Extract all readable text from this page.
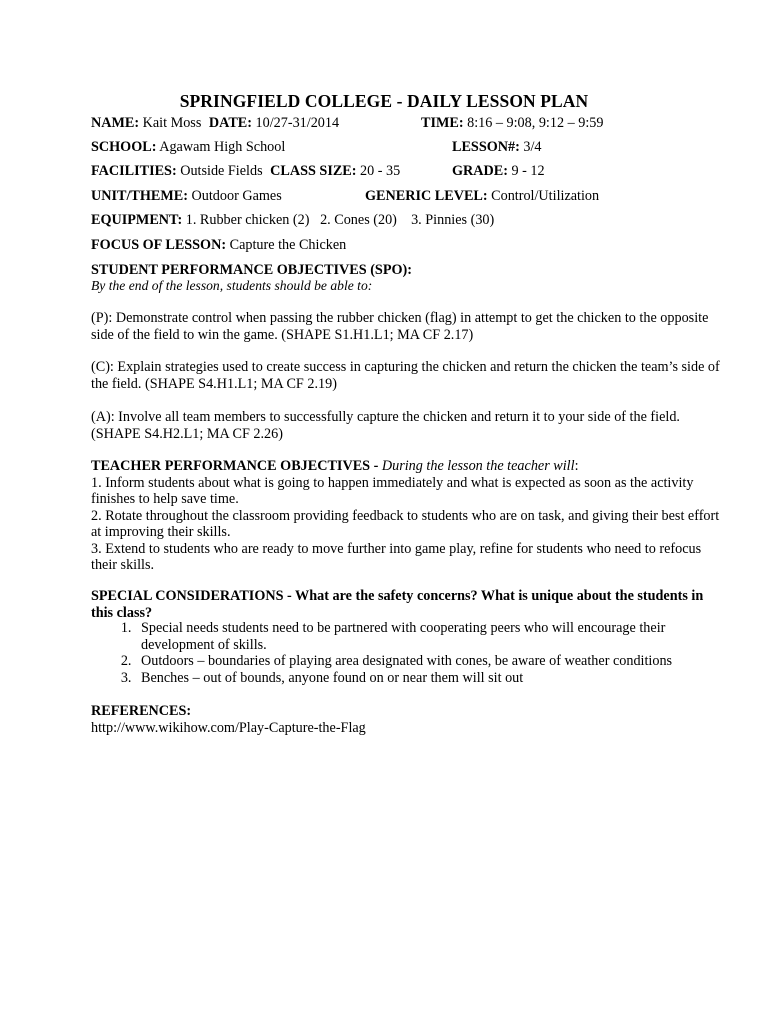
SPRINGFIELD COLLEGE - DAILY LESSON PLAN
NAME: Kait Moss DATE: 10/27-31/2014	TIME: 8:16 – 9:08, 9:12 – 9:59
SCHOOL: Agawam High School	LESSON#: 3/4
FACILITIES: Outside Fields CLASS SIZE: 20 - 35	GRADE: 9 - 12
UNIT/THEME: Outdoor Games	GENERIC LEVEL: Control/Utilization
EQUIPMENT: 1. Rubber chicken (2)   2. Cones (20)    3. Pinnies (30)
FOCUS OF LESSON: Capture the Chicken
STUDENT PERFORMANCE OBJECTIVES (SPO):
By the end of the lesson, students should be able to:

(P): Demonstrate control when passing the rubber chicken (flag) in attempt to get the chicken to the opposite side of the field to win the game. (SHAPE S1.H1.L1; MA CF 2.17)

(C): Explain strategies used to create success in capturing the chicken and return the chicken the team’s side of the field. (SHAPE S4.H1.L1; MA CF 2.19)

(A): Involve all team members to successfully capture the chicken and return it to your side of the field. (SHAPE S4.H2.L1; MA CF 2.26)

TEACHER PERFORMANCE OBJECTIVES - During the lesson the teacher will:

1. Inform students about what is going to happen immediately and what is expected as soon as the activity finishes to help save time.

2. Rotate throughout the classroom providing feedback to students who are on task, and giving their best effort at improving their skills.

3. Extend to students who are ready to move further into game play, refine for students who need to refocus their skills.

SPECIAL CONSIDERATIONS - What are the safety concerns? What is unique about the students in this class?

1. Special needs students need to be partnered with cooperating peers who will encourage their development of skills.
2. Outdoors – boundaries of playing area designated with cones, be aware of weather conditions
3. Benches – out of bounds, anyone found on or near them will sit out
REFERENCES:
http://www.wikihow.com/Play-Capture-the-Flag
